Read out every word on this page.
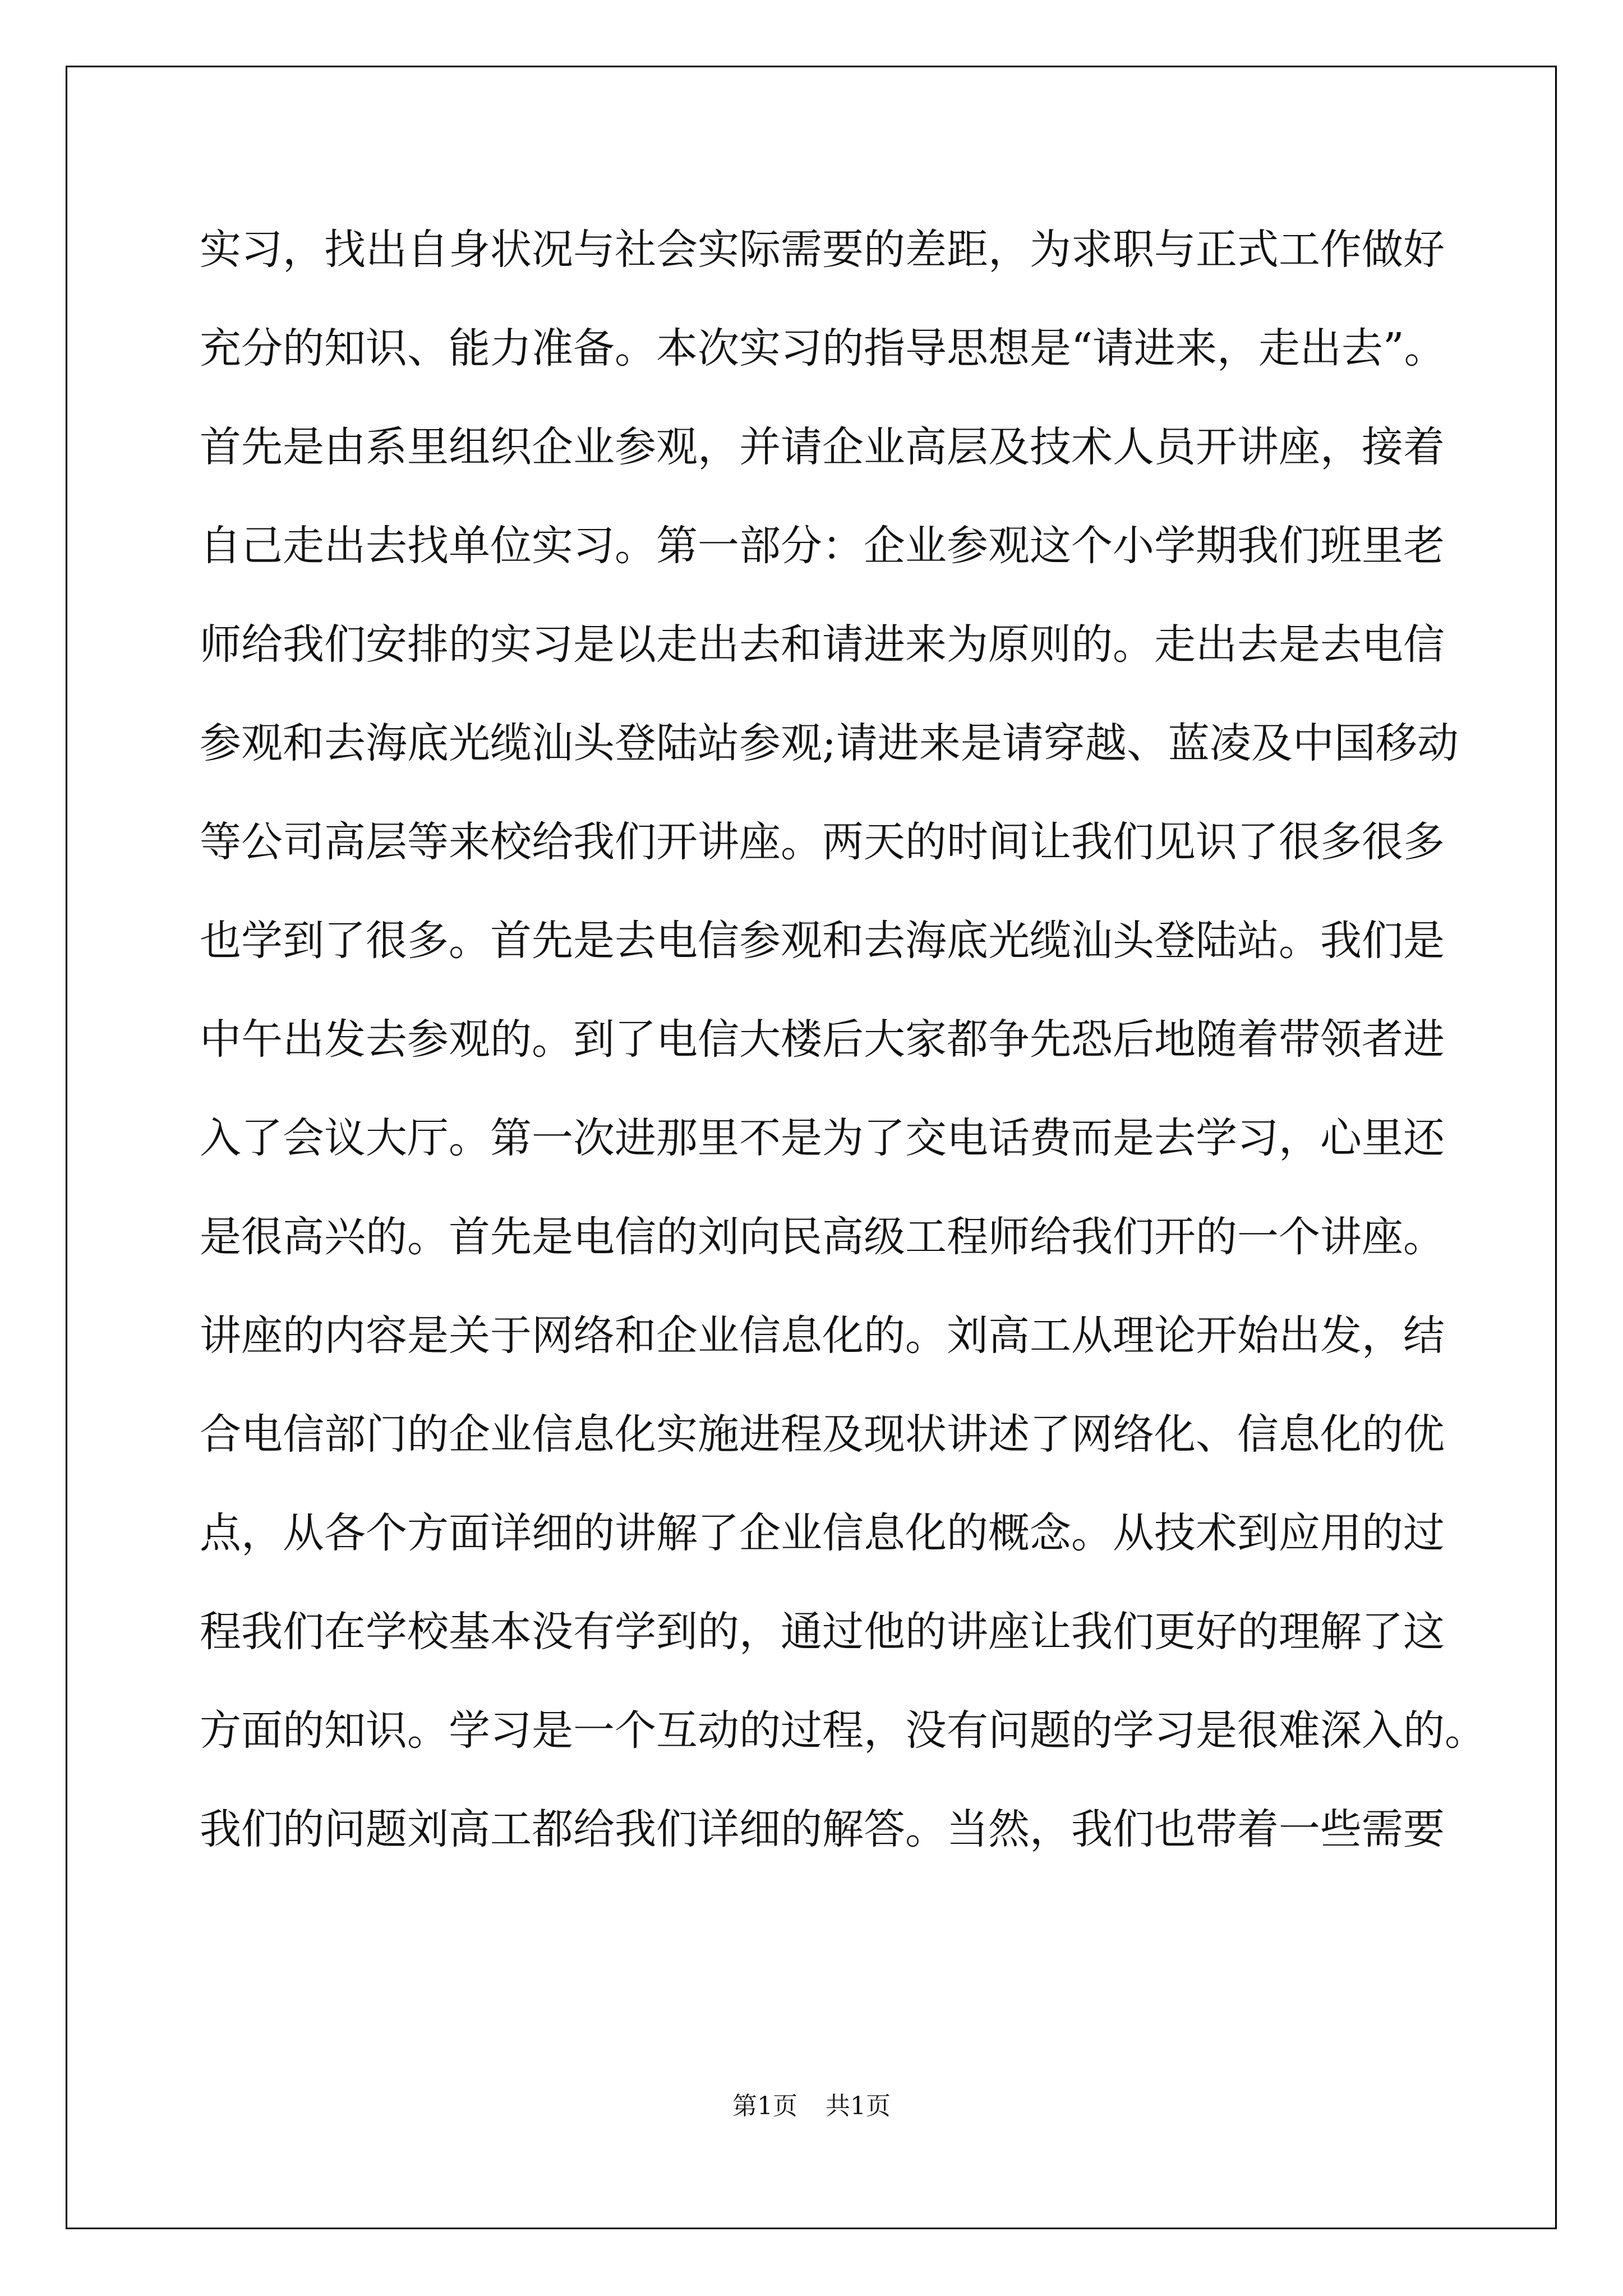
实习，找出自身状况与社会实际需要的差距，为求职与正式工作做好
充分的知识、能力准备。本次实习的指导思想是“请进来，走出去”。
首先是由系里组织企业参观，并请企业高层及技术人员开讲座，接着
自己走出去找单位实习。第一部分：企业参观这个小学期我们班里老
师给我们安排的实习是以走出去和请进来为原则的。走出去是去电信
参观和去海底光缆汕头登陆站参观;请进来是请穿越、蓝凌及中国移动
等公司高层等来校给我们开讲座。两天的时间让我们见识了很多很多
也学到了很多。首先是去电信参观和去海底光缆汕头登陆站。我们是
中午出发去参观的。到了电信大楼后大家都争先恐后地随着带领者进
入了会议大厅。第一次进那里不是为了交电话费而是去学习，心里还
是很高兴的。首先是电信的刘向民高级工程师给我们开的一个讲座。
讲座的内容是关于网络和企业信息化的。刘高工从理论开始出发，结
合电信部门的企业信息化实施进程及现状讲述了网络化、信息化的优
点，从各个方面详细的讲解了企业信息化的概念。从技术到应用的过
程我们在学校基本没有学到的，通过他的讲座让我们更好的理解了这
方面的知识。学习是一个互动的过程，没有问题的学习是很难深入的。
我们的问题刘高工都给我们详细的解答。当然，我们也带着一些需要
第1页 共1页
